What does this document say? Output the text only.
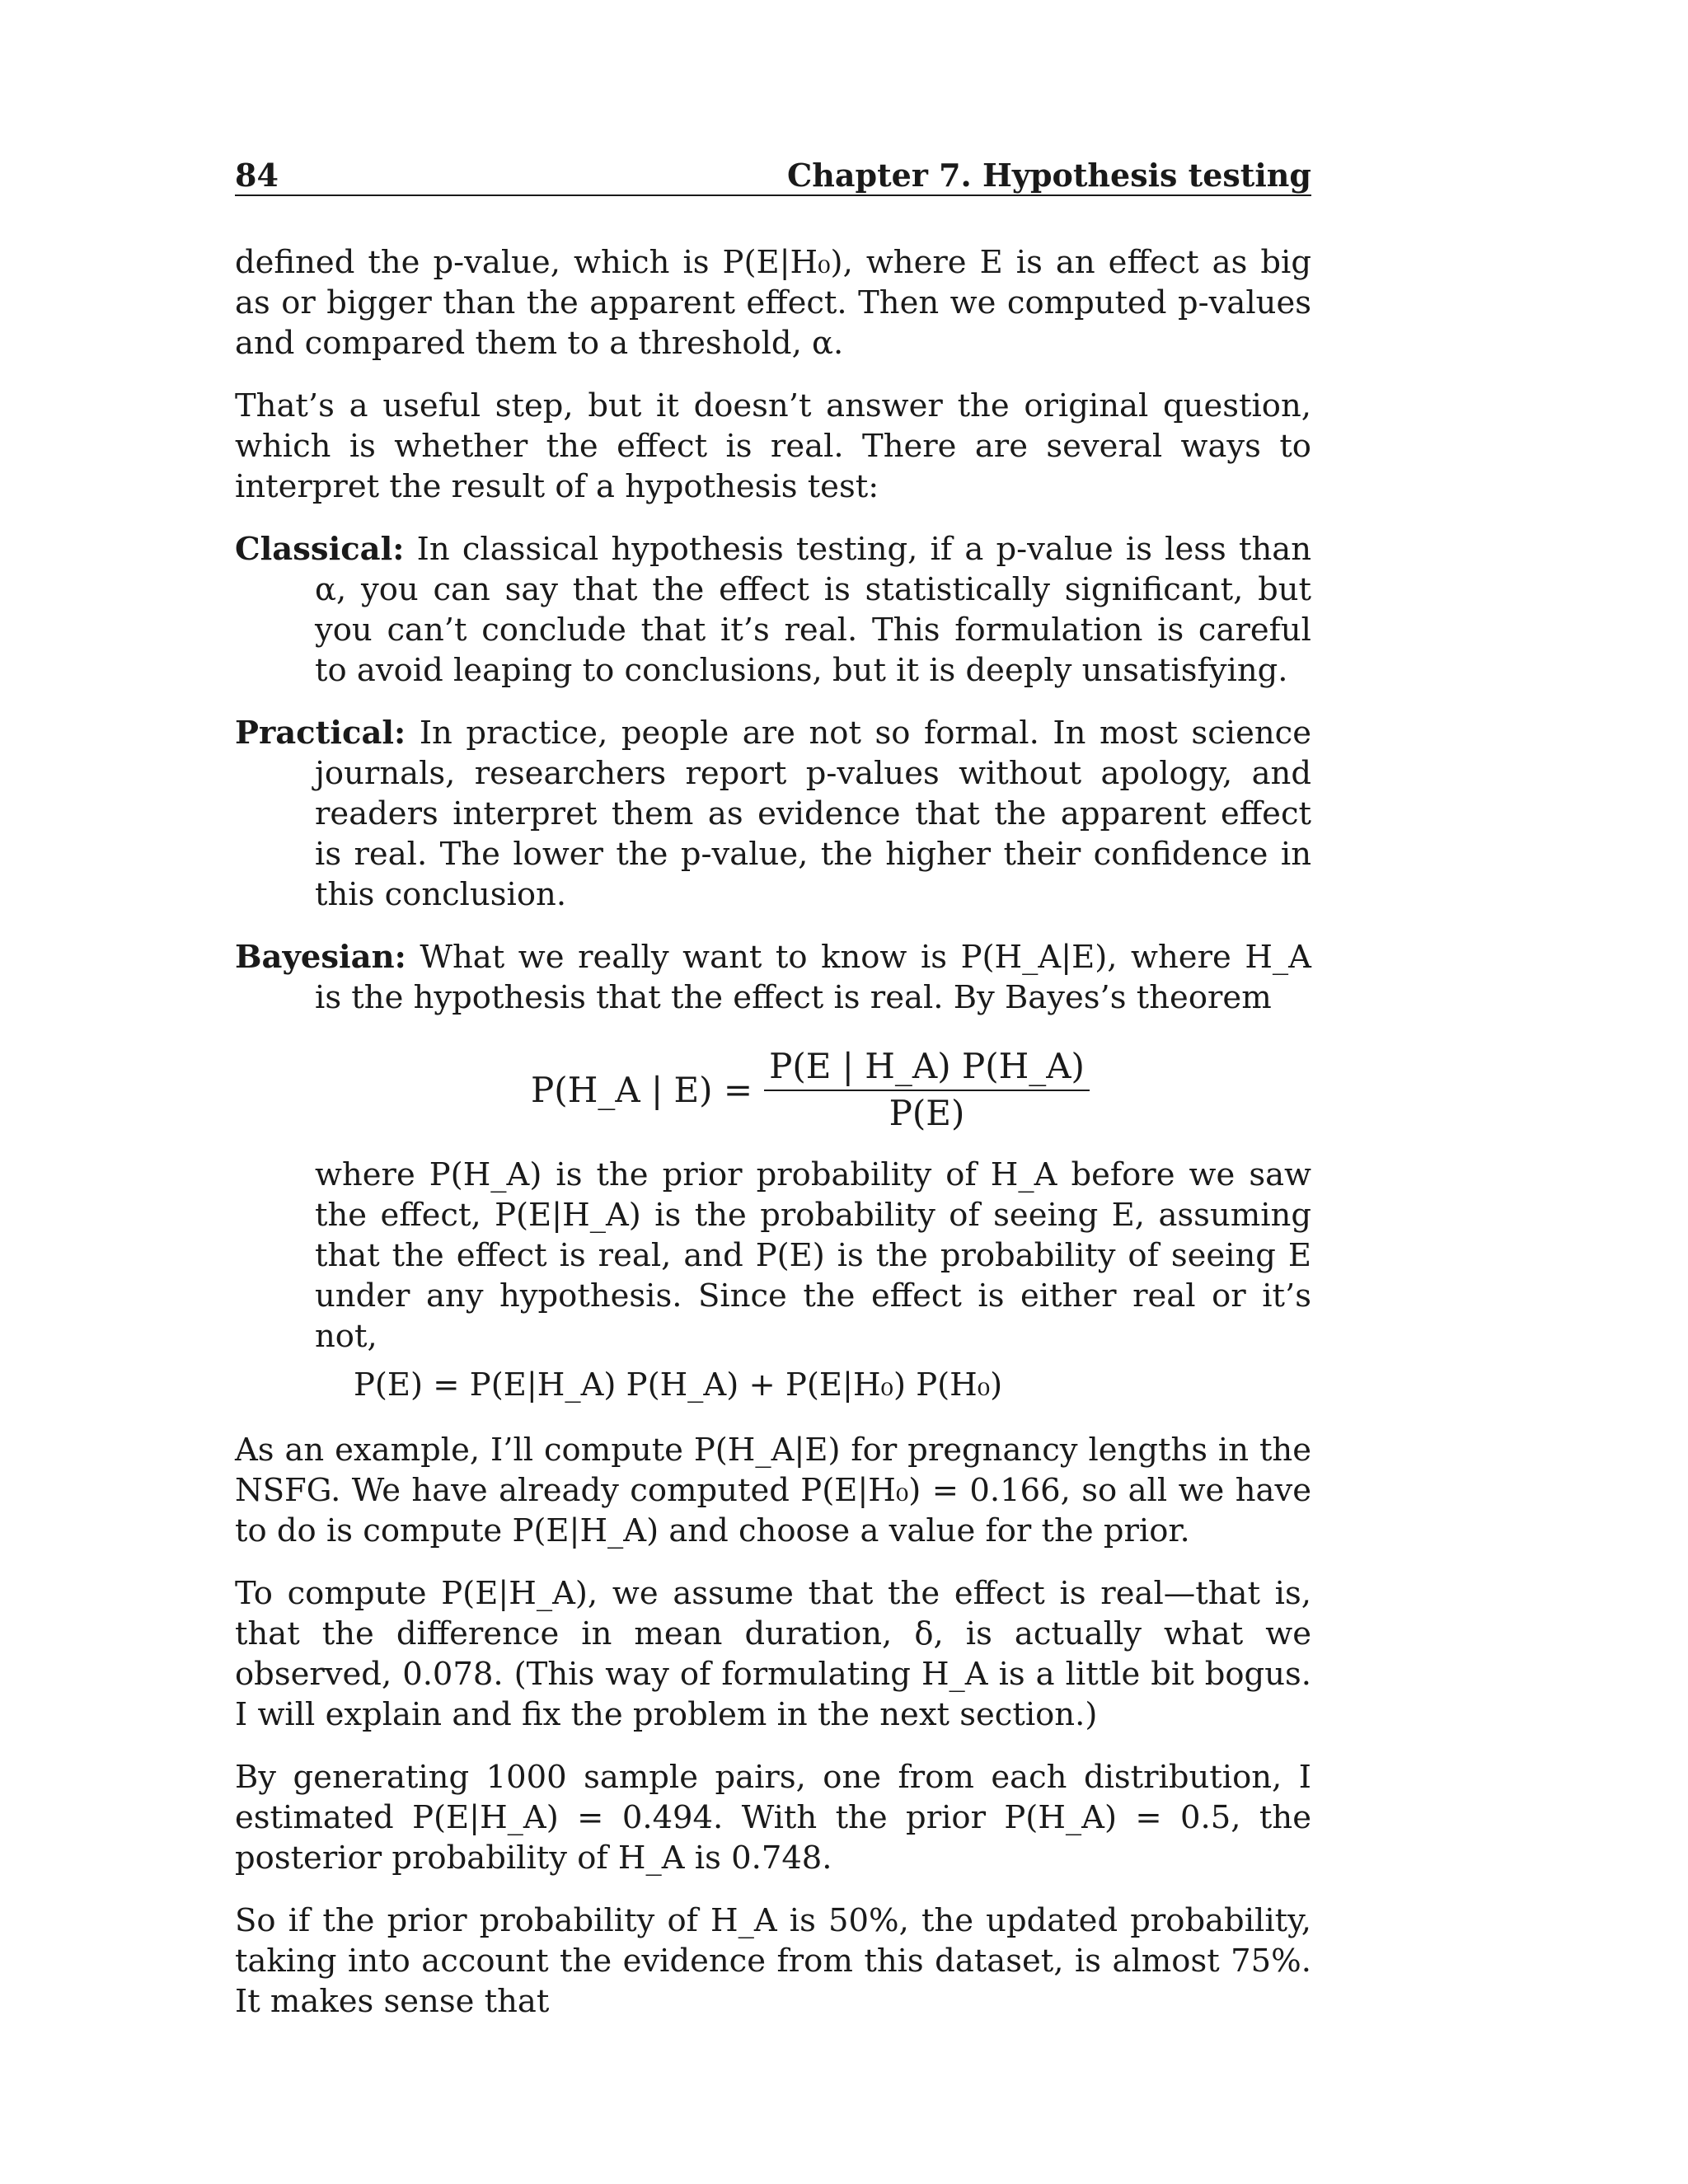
84	Chapter 7. Hypothesis testing

defined the p-value, which is P(E|H₀), where E is an effect as big as or bigger than the apparent effect. Then we computed p-values and compared them to a threshold, α.

That’s a useful step, but it doesn’t answer the original question, which is whether the effect is real. There are several ways to interpret the result of a hypothesis test:

Classical: In classical hypothesis testing, if a p-value is less than α, you can say that the effect is statistically significant, but you can’t conclude that it’s real. This formulation is careful to avoid leaping to conclusions, but it is deeply unsatisfying.

Practical: In practice, people are not so formal. In most science journals, researchers report p-values without apology, and readers interpret them as evidence that the apparent effect is real. The lower the p-value, the higher their confidence in this conclusion.

Bayesian: What we really want to know is P(H_A|E), where H_A is the hypothesis that the effect is real. By Bayes’s theorem

P(H_A | $E) = \frac{P(E | H\_A) P(H\_A)}{P(E)}$

where P(H_A) is the prior probability of H_A before we saw the effect, P(E|H_A) is the probability of seeing E, assuming that the effect is real, and P(E) is the probability of seeing E under any hypothesis. Since the effect is either real or it’s not,

P(E) = P(E|H_A) P(H_A) + P(E|H₀) P(H₀)

As an example, I’ll compute P(H_A|E) for pregnancy lengths in the NSFG. We have already computed P(E|H₀) = 0.166, so all we have to do is compute P(E|H_A) and choose a value for the prior.

To compute P(E|H_A), we assume that the effect is real—that is, that the difference in mean duration, δ, is actually what we observed, 0.078. (This way of formulating H_A is a little bit bogus. I will explain and fix the problem in the next section.)

By generating 1000 sample pairs, one from each distribution, I estimated P(E|H_A) = 0.494. With the prior P(H_A) = 0.5, the posterior probability of H_A is 0.748.

So if the prior probability of H_A is 50%, the updated probability, taking into account the evidence from this dataset, is almost 75%. It makes sense that
